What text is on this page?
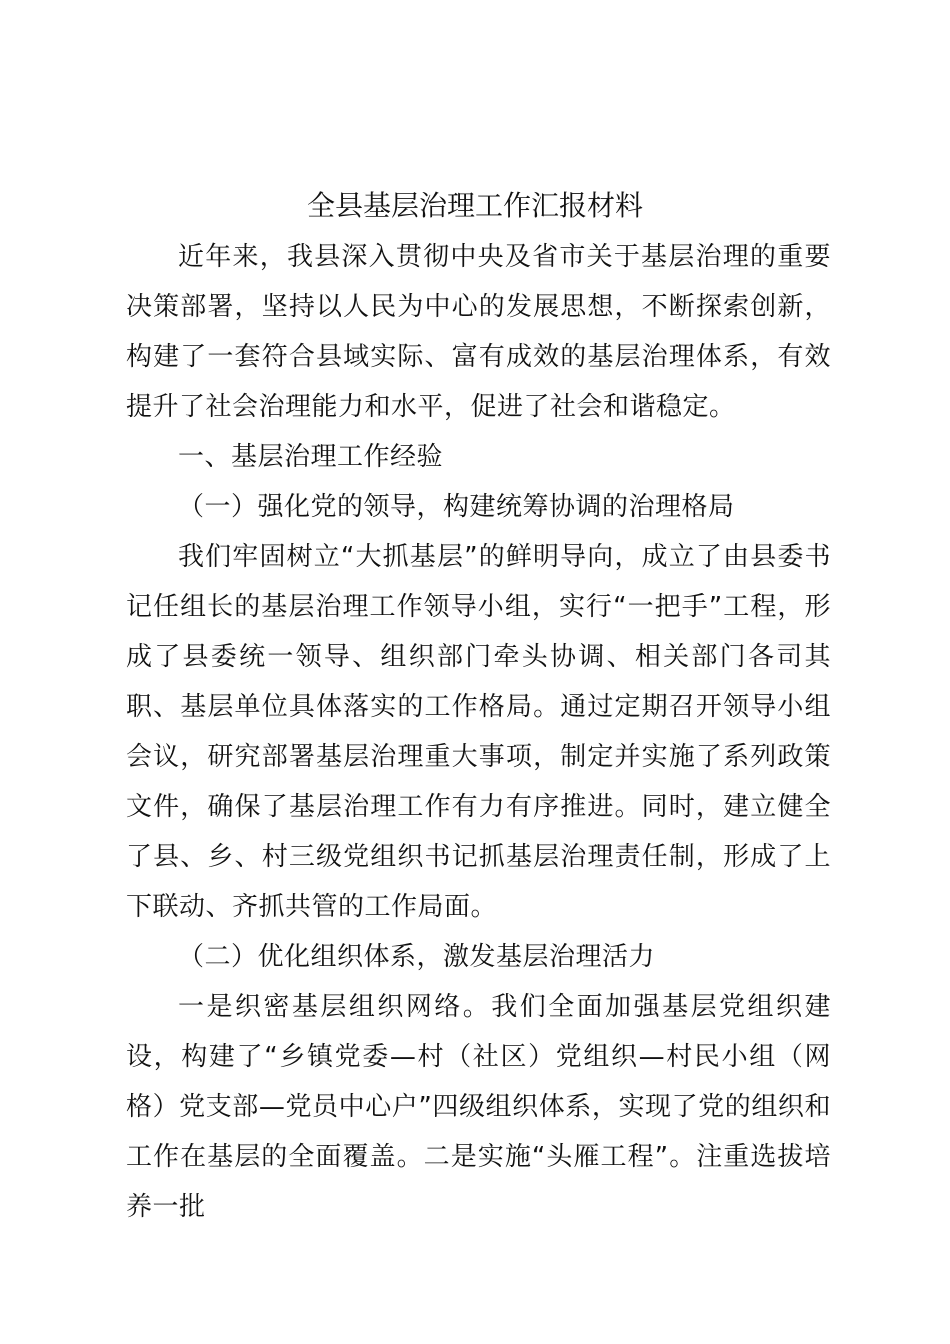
全县基层治理工作汇报材料

近年来，我县深入贯彻中央及省市关于基层治理的重要决策部署，坚持以人民为中心的发展思想，不断探索创新，构建了一套符合县域实际、富有成效的基层治理体系，有效提升了社会治理能力和水平，促进了社会和谐稳定。

一、基层治理工作经验

（一）强化党的领导，构建统筹协调的治理格局

我们牢固树立“大抓基层”的鲜明导向，成立了由县委书记任组长的基层治理工作领导小组，实行“一把手”工程，形成了县委统一领导、组织部门牵头协调、相关部门各司其职、基层单位具体落实的工作格局。通过定期召开领导小组会议，研究部署基层治理重大事项，制定并实施了系列政策文件，确保了基层治理工作有力有序推进。同时，建立健全了县、乡、村三级党组织书记抓基层治理责任制，形成了上下联动、齐抓共管的工作局面。

（二）优化组织体系，激发基层治理活力

一是织密基层组织网络。我们全面加强基层党组织建设，构建了“乡镇党委—村（社区）党组织—村民小组（网格）党支部—党员中心户”四级组织体系，实现了党的组织和工作在基层的全面覆盖。二是实施“头雁工程”。注重选拔培养一批
